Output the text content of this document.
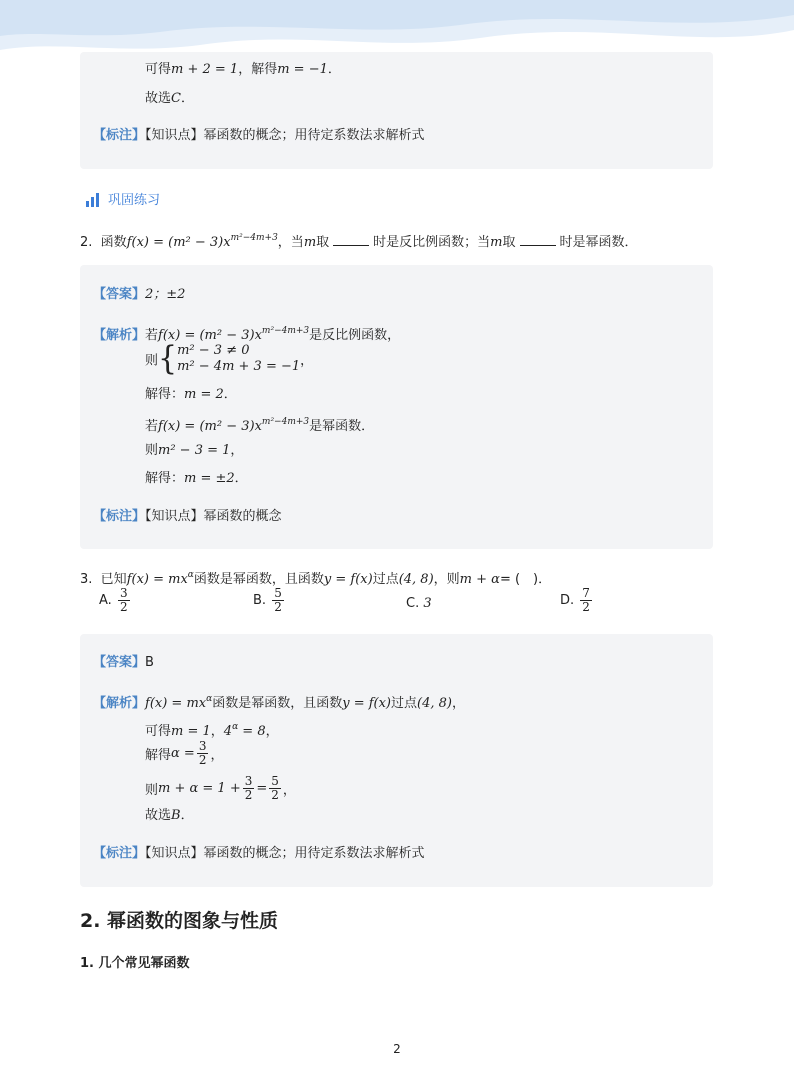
可得m + 2 = 1，解得m = −1．
故选C．
【标注】【知识点】幂函数的概念；用待定系数法求解析式
巩固练习
2. 函数$f(x) = (m^2 - 3)x^{m^2-4m+3}$，当m取	时是反比例函数；当m取	时是幂函数．
【答案】2；±2
【解析】若$f(x) = (m^2 - 3)x^{m^2-4m+3}$是反比例函数，
则{ m² − 3 ≠ 0
m² − 4m + 3 = −1 ，
解得：m = 2．
若$f(x) = (m^2 - 3)x^{m^2-4m+3}$是幂函数．
则m² − 3 = 1，
解得：m = ±2．
【标注】【知识点】幂函数的概念
3. 已知$f(x) = mx^\alpha$函数是幂函数，且函数y = f(x)过点(4, 8)，则m + α= (　)．
A. $\frac{3}{2}$	B. $\frac{5}{2}$	C. 3	D. $\frac{7}{2}$
【答案】B
【解析】$f(x) = mx^\alpha$函数是幂函数，且函数y = f(x)过点(4, 8)，
可得m = 1，$4^\alpha = 8$，
解得$\alpha = \frac{3}{2}$ ，
则$m + \alpha = 1 + \frac{3}{2} = \frac{5}{2}$ ，
故选B．
【标注】【知识点】幂函数的概念；用待定系数法求解析式
2. 幂函数的图象与性质
1. 几个常见幂函数
2
